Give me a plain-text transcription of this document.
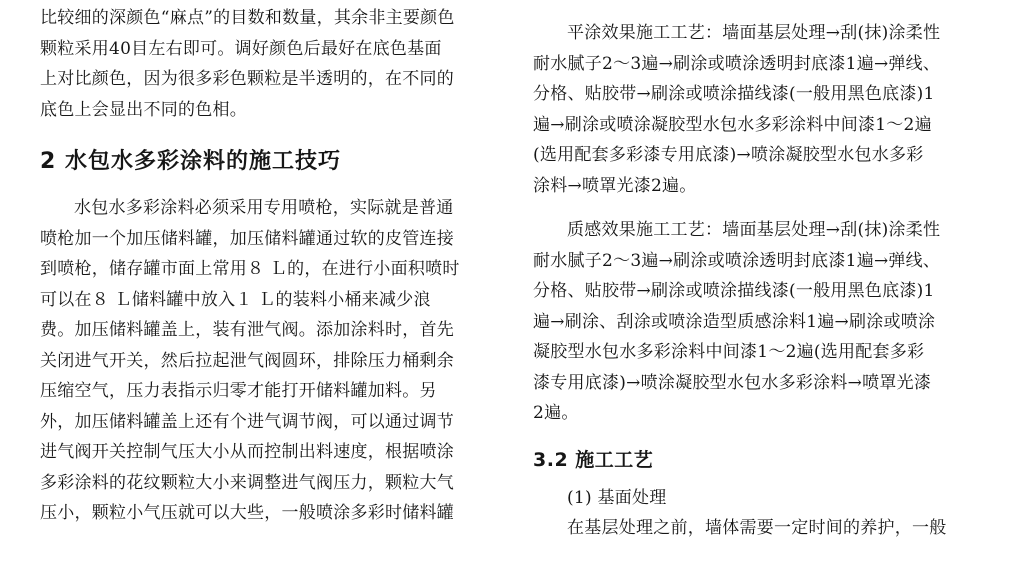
比较细的深颜色“麻点”的目数和数量，其余非主要颜色
颗粒采用40目左右即可。调好颜色后最好在底色基面
上对比颜色，因为很多彩色颗粒是半透明的，在不同的
底色上会显出不同的色相。
2 水包水多彩涂料的施工技巧
水包水多彩涂料必须采用专用喷枪，实际就是普通
喷枪加一个加压储料罐，加压储料罐通过软的皮管连接
到喷枪，储存罐市面上常用８ Ｌ的，在进行小面积喷时
可以在８ Ｌ储料罐中放入１ Ｌ的装料小桶来减少浪
费。加压储料罐盖上，装有泄气阀。添加涂料时，首先
关闭进气开关，然后拉起泄气阀圆环，排除压力桶剩余
压缩空气，压力表指示归零才能打开储料罐加料。另
外，加压储料罐盖上还有个进气调节阀，可以通过调节
进气阀开关控制气压大小从而控制出料速度，根据喷涂
多彩涂料的花纹颗粒大小来调整进气阀压力，颗粒大气
压小，颗粒小气压就可以大些，一般喷涂多彩时储料罐
平涂效果施工工艺：墙面基层处理→刮(抹)涂柔性
耐水腻子2～3遍→刷涂或喷涂透明封底漆1遍→弹线、
分格、贴胶带→刷涂或喷涂描线漆(一般用黑色底漆)1
遍→刷涂或喷涂凝胶型水包水多彩涂料中间漆1～2遍
(选用配套多彩漆专用底漆)→喷涂凝胶型水包水多彩
涂料→喷罩光漆2遍。
质感效果施工工艺：墙面基层处理→刮(抹)涂柔性
耐水腻子2～3遍→刷涂或喷涂透明封底漆1遍→弹线、
分格、贴胶带→刷涂或喷涂描线漆(一般用黑色底漆)1
遍→刷涂、刮涂或喷涂造型质感涂料1遍→刷涂或喷涂
凝胶型水包水多彩涂料中间漆1～2遍(选用配套多彩
漆专用底漆)→喷涂凝胶型水包水多彩涂料→喷罩光漆
2遍。
3.2 施工工艺
(1) 基面处理
在基层处理之前，墙体需要一定时间的养护，一般
